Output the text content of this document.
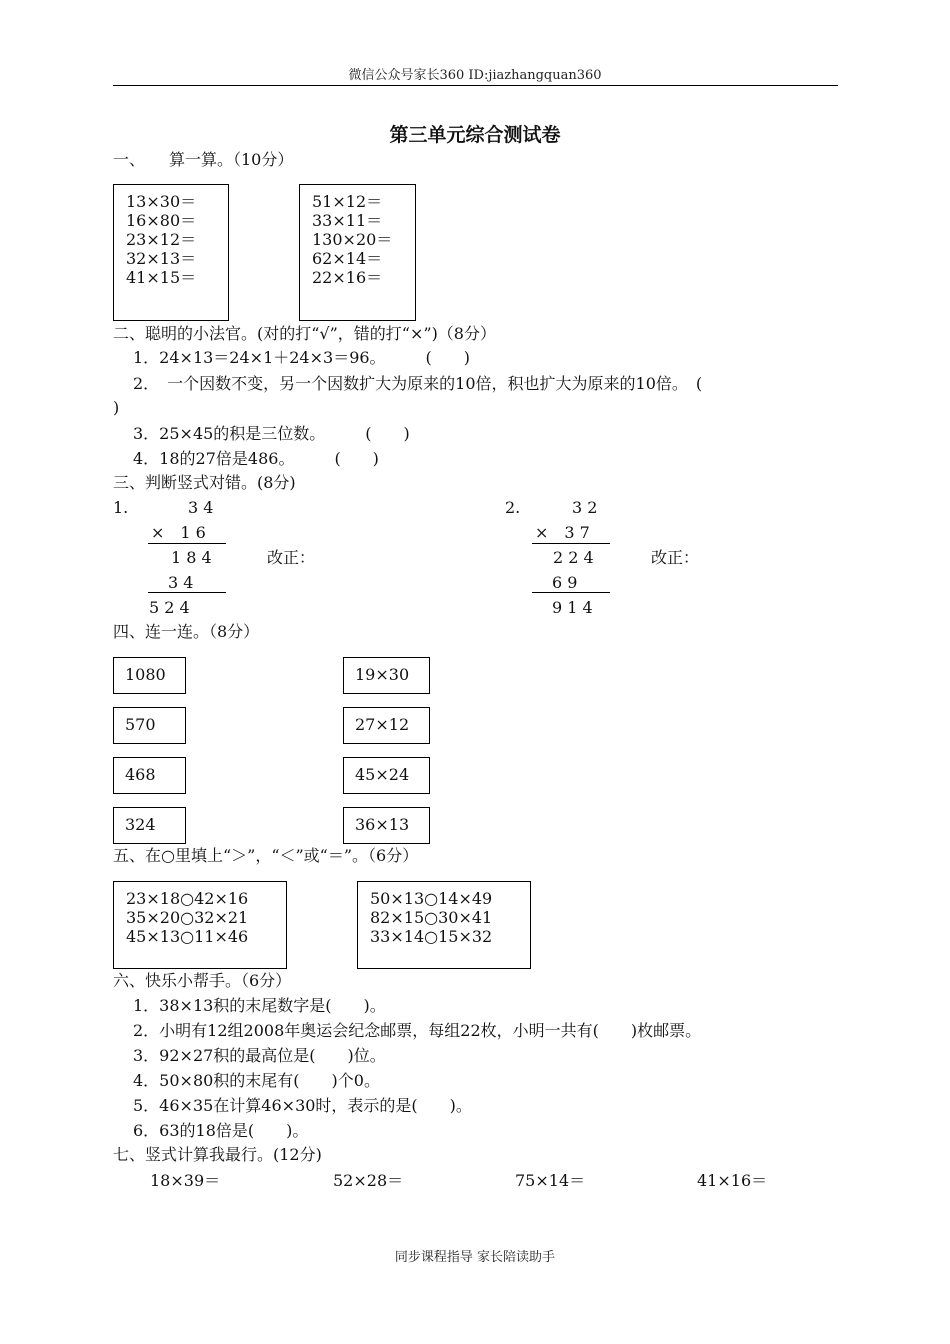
微信公众号家长360 ID:jiazhangquan360
第三单元综合测试卷
一、　　算一算。（10分）
13×30＝
16×80＝
23×12＝
32×13＝
41×15＝
51×12＝
33×11＝
130×20＝
62×14＝
22×16＝
二、聪明的小法官。(对的打“√”，错的打“×”)（8分）
1．24×13＝24×1＋24×3＝96。　　　(　　)
2．　一个因数不变，另一个因数扩大为原来的10倍，积也扩大为原来的10倍。　(
)
3．25×45的积是三位数。　　　(　　)
4．18的27倍是486。　　　(　　)
三、判断竖式对错。(8分)
1.	3 4
×　1 6
1 8 4	改正：
3 4
5 2 4
2.	3 2
×　3 7
2 2 4	改正：
6 9
9 1 4
四、连一连。（8分）
1080
570
468
324
19×30
27×12
45×24
36×13
五、在○里填上“＞”，“＜”或“＝”。（6分）
23×18○42×16
35×20○32×21
45×13○11×46
50×13○14×49
82×15○30×41
33×14○15×32
六、快乐小帮手。（6分）
1．38×13积的末尾数字是(　　)。
2．小明有12组2008年奥运会纪念邮票，每组22枚，小明一共有(　　)枚邮票。
3．92×27积的最高位是(　　)位。
4．50×80积的末尾有(　　)个0。
5．46×35在计算46×30时，表示的是(　　)。
6．63的18倍是(　　)。
七、竖式计算我最行。(12分)
18×39＝	52×28＝	75×14＝	41×16＝
同步课程指导 家长陪读助手
